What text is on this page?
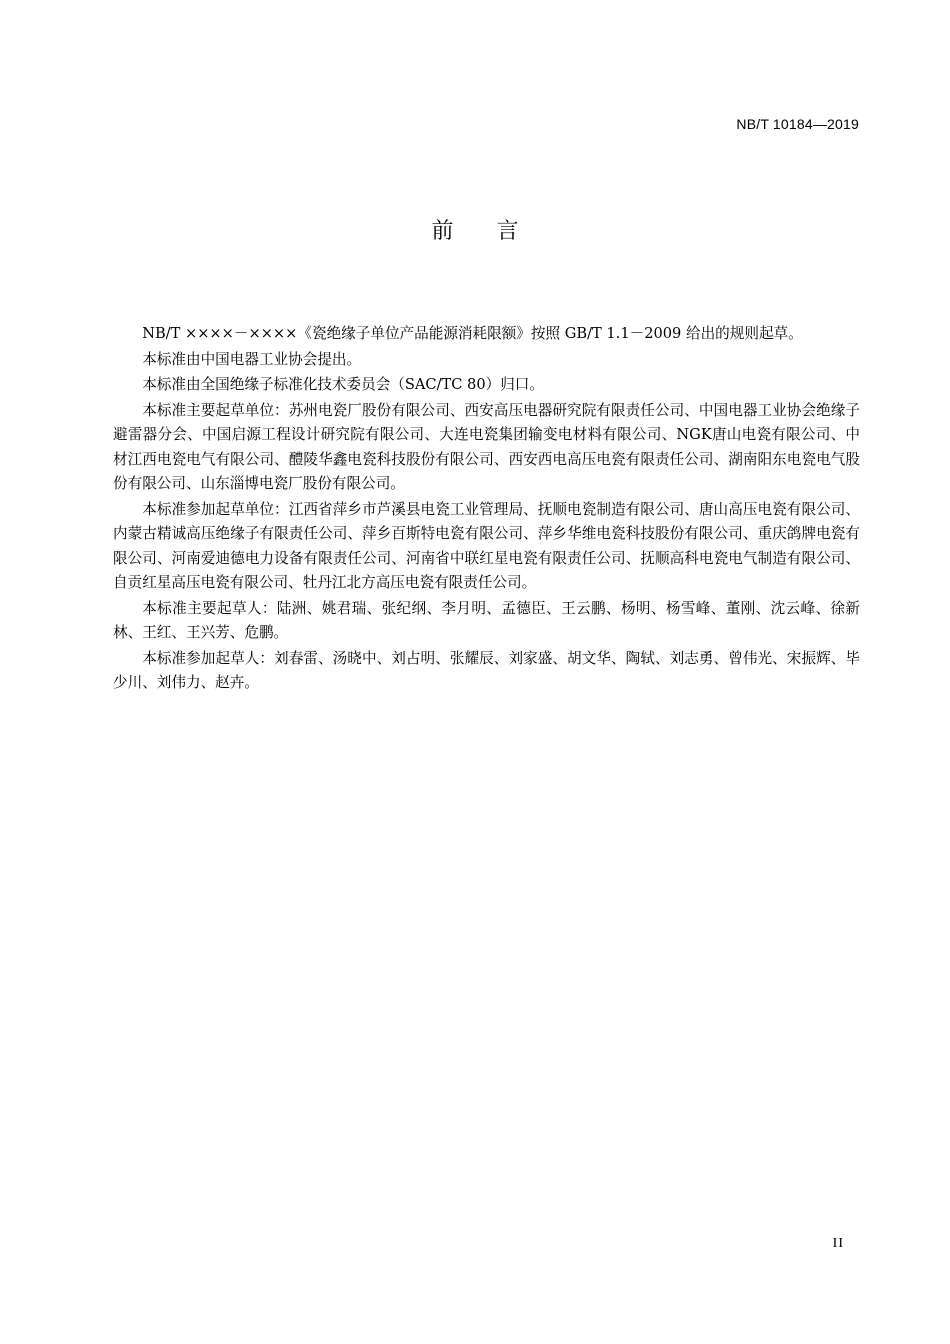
NB/T 10184—2019
前 言

NB/T ××××－××××《瓷绝缘子单位产品能源消耗限额》按照 GB/T 1.1－2009 给出的规则起草。

本标准由中国电器工业协会提出。

本标准由全国绝缘子标准化技术委员会（SAC/TC 80）归口。

本标准主要起草单位：苏州电瓷厂股份有限公司、西安高压电器研究院有限责任公司、中国电器工业协会绝缘子避雷器分会、中国启源工程设计研究院有限公司、大连电瓷集团输变电材料有限公司、NGK唐山电瓷有限公司、中材江西电瓷电气有限公司、醴陵华鑫电瓷科技股份有限公司、西安西电高压电瓷有限责任公司、湖南阳东电瓷电气股份有限公司、山东淄博电瓷厂股份有限公司。

本标准参加起草单位：江西省萍乡市芦溪县电瓷工业管理局、抚顺电瓷制造有限公司、唐山高压电瓷有限公司、内蒙古精诚高压绝缘子有限责任公司、萍乡百斯特电瓷有限公司、萍乡华维电瓷科技股份有限公司、重庆鸽牌电瓷有限公司、河南爱迪德电力设备有限责任公司、河南省中联红星电瓷有限责任公司、抚顺高科电瓷电气制造有限公司、自贡红星高压电瓷有限公司、牡丹江北方高压电瓷有限责任公司。

本标准主要起草人：陆洲、姚君瑞、张纪纲、李月明、孟德臣、王云鹏、杨明、杨雪峰、董刚、沈云峰、徐新林、王红、王兴芳、危鹏。

本标准参加起草人：刘春雷、汤晓中、刘占明、张耀辰、刘家盛、胡文华、陶轼、刘志勇、曾伟光、宋振辉、毕少川、刘伟力、赵卉。

II
